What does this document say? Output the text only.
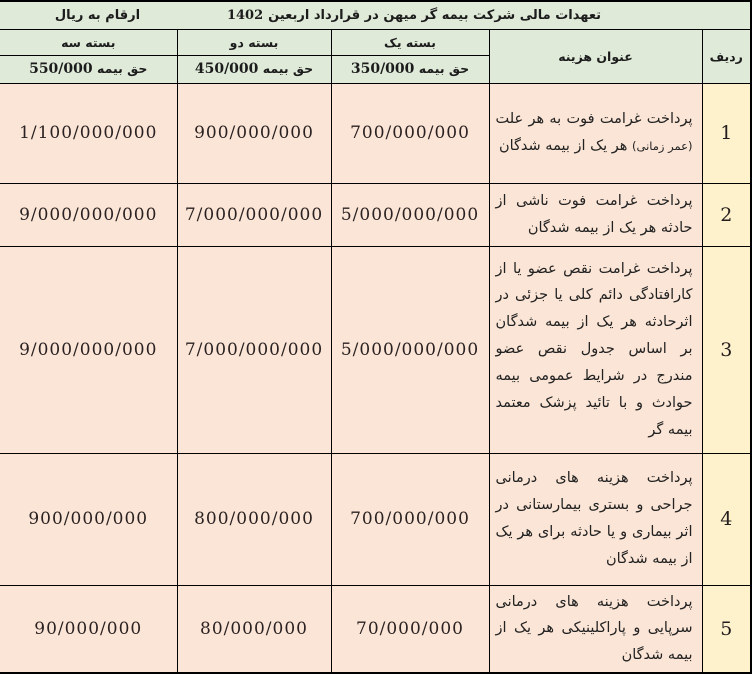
ارقام به ریال تعهدات مالی شرکت بیمه گر میهن در قرارداد اربعین
1402				

ردیف	عنوان هزینه	بسته یک	بسته دو	بسته سه
		حق بیمه 350/000	حق بیمه 450/000	حق بیمه 550/000
1	پرداخت غرامت فوت به هر علت (عمر زمانی) هر یک از بیمه شدگان	700/000/000	900/000/000	1/100/000/000
2	پرداخت غرامت فوت ناشی از حادثه هر یک از بیمه شدگان	5/000/000/000	7/000/000/000	9/000/000/000
3	پرداخت غرامت نقص عضو یا از کارافتادگی دائم کلی یا جزئی در اثرحادثه هر یک از بیمه شدگان بر اساس جدول نقص عضو مندرج در شرایط عمومی بیمه حوادث و با تائید پزشک معتمد بیمه گر	5/000/000/000	7/000/000/000	9/000/000/000
4	پرداخت هزینه های درمانی جراحی و بستری بیمارستانی در اثر بیماری و یا حادثه برای هر یک از بیمه شدگان	700/000/000	800/000/000	900/000/000
5	پرداخت هزینه های درمانی سرپایی و پاراکلینیکی هر یک از بیمه شدگان	70/000/000	80/000/000	90/000/000
